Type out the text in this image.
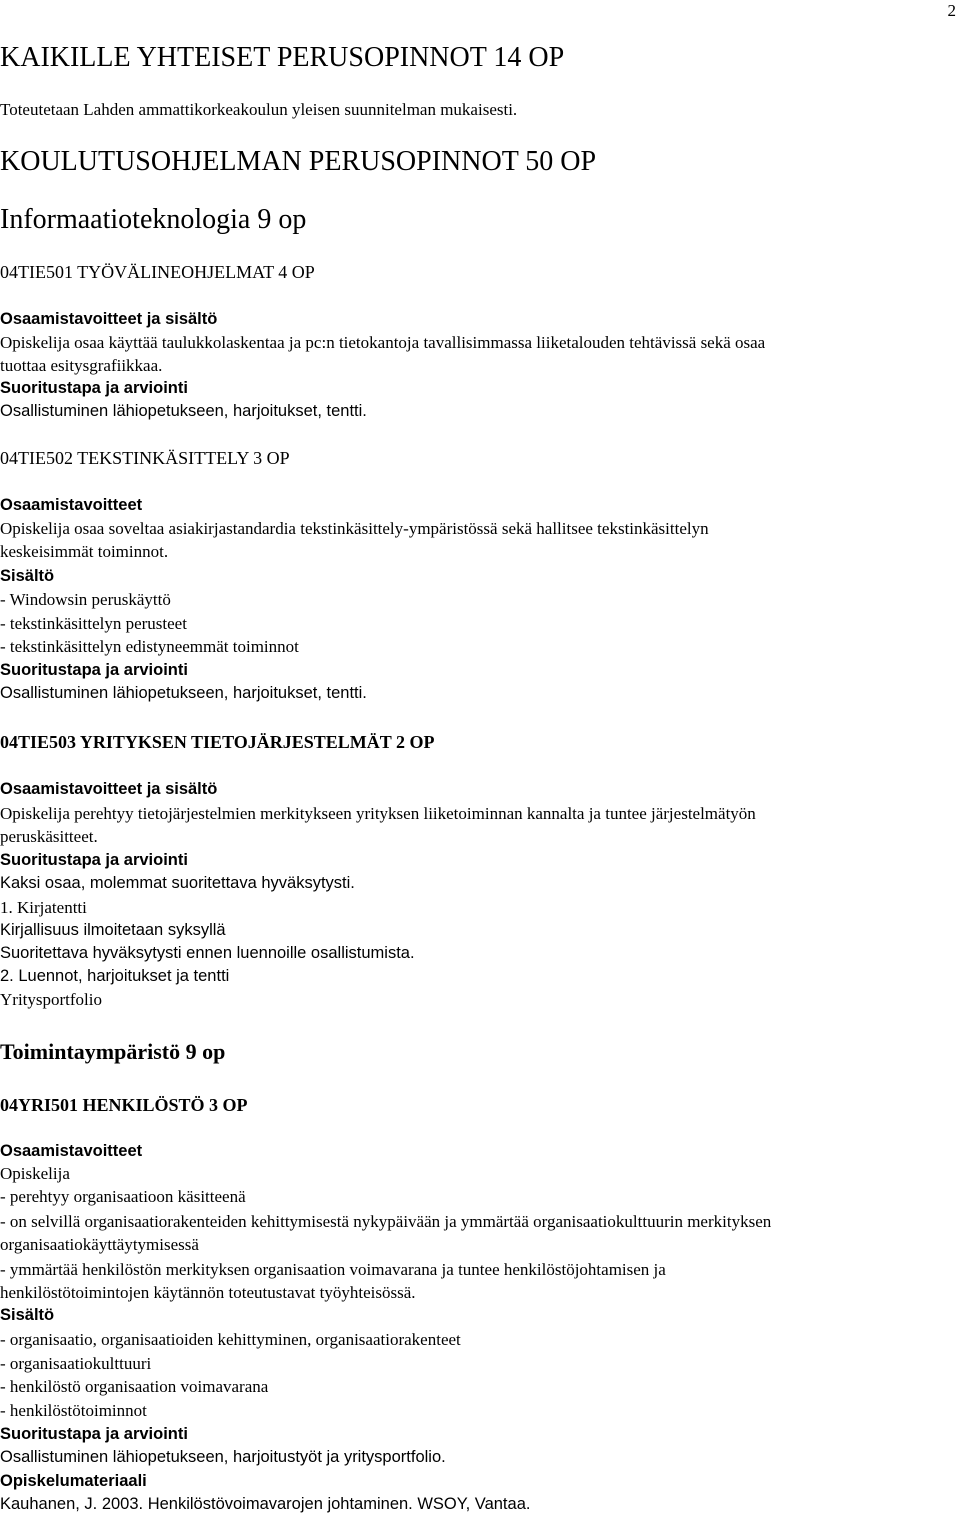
2
KAIKILLE YHTEISET PERUSOPINNOT 14 OP
Toteutetaan Lahden ammattikorkeakoulun yleisen suunnitelman mukaisesti.
KOULUTUSOHJELMAN PERUSOPINNOT 50 OP
Informaatioteknologia 9 op
04TIE501 TYÖVÄLINEOHJELMAT 4 OP
Osaamistavoitteet ja sisältö
Opiskelija osaa käyttää taulukkolaskentaa ja pc:n tietokantoja tavallisimmassa liiketalouden tehtävissä sekä osaa
tuottaa esitysgrafiikkaa.
Suoritustapa ja arviointi
Osallistuminen lähiopetukseen, harjoitukset, tentti.
04TIE502 TEKSTINKÄSITTELY 3 OP
Osaamistavoitteet
Opiskelija osaa soveltaa asiakirjastandardia tekstinkäsittely-ympäristössä sekä hallitsee tekstinkäsittelyn
keskeisimmät toiminnot.
Sisältö
- Windowsin peruskäyttö
- tekstinkäsittelyn perusteet
- tekstinkäsittelyn edistyneemmät toiminnot
Suoritustapa ja arviointi
Osallistuminen lähiopetukseen, harjoitukset, tentti.
04TIE503 YRITYKSEN TIETOJÄRJESTELMÄT 2 OP
Osaamistavoitteet ja sisältö
Opiskelija perehtyy tietojärjestelmien merkitykseen yrityksen liiketoiminnan kannalta ja tuntee järjestelmätyön
peruskäsitteet.
Suoritustapa ja arviointi
Kaksi osaa, molemmat suoritettava hyväksytysti.
1. Kirjatentti
Kirjallisuus ilmoitetaan syksyllä
Suoritettava hyväksytysti ennen luennoille osallistumista.
2. Luennot, harjoitukset ja tentti
Yritysportfolio
Toimintaympäristö 9 op
04YRI501 HENKILÖSTÖ 3 OP
Osaamistavoitteet
Opiskelija
- perehtyy organisaatioon käsitteenä
- on selvillä organisaatiorakenteiden kehittymisestä nykypäivään ja ymmärtää organisaatiokulttuurin merkityksen
organisaatiokäyttäytymisessä
- ymmärtää henkilöstön merkityksen organisaation voimavarana ja tuntee henkilöstöjohtamisen ja
henkilöstötoimintojen käytännön toteutustavat työyhteisössä.
Sisältö
- organisaatio, organisaatioiden kehittyminen, organisaatiorakenteet
- organisaatiokulttuuri
- henkilöstö organisaation voimavarana
- henkilöstötoiminnot
Suoritustapa ja arviointi
Osallistuminen lähiopetukseen, harjoitustyöt ja yritysportfolio.
Opiskelumateriaali
Kauhanen, J. 2003. Henkilöstövoimavarojen johtaminen. WSOY, Vantaa.
